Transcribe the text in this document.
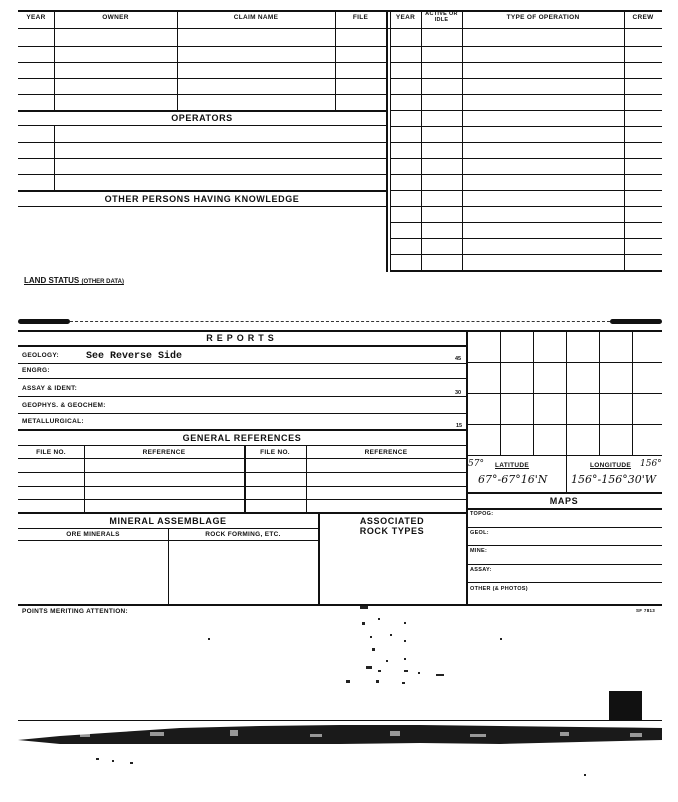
YEAR	OWNER	CLAIM NAME	FILE	YEAR	ACTIVE OR IDLE	TYPE OF OPERATION	CREW
OPERATORS
OTHER PERSONS HAVING KNOWLEDGE
LAND STATUS (OTHER DATA)
REPORTS
GEOLOGY:	See Reverse Side	45
ENGRG:
ASSAY & IDENT:
30
GEOPHYS. & GEOCHEM:
METALLURGICAL:
15
GENERAL REFERENCES
FILE NO.	REFERENCE	FILE NO.	REFERENCE
MINERAL ASSEMBLAGE	ASSOCIATED
ROCK TYPES
ORE MINERALS	ROCK FORMING, ETC.
57° LATITUDE	LONGITUDE 156°
67°-67°16'N 156°-156°30'W
MAPS
TOPOG:
GEOL:
MINE:
ASSAY:
OTHER (& PHOTOS)
POINTS MERITING ATTENTION:	SF 7813
